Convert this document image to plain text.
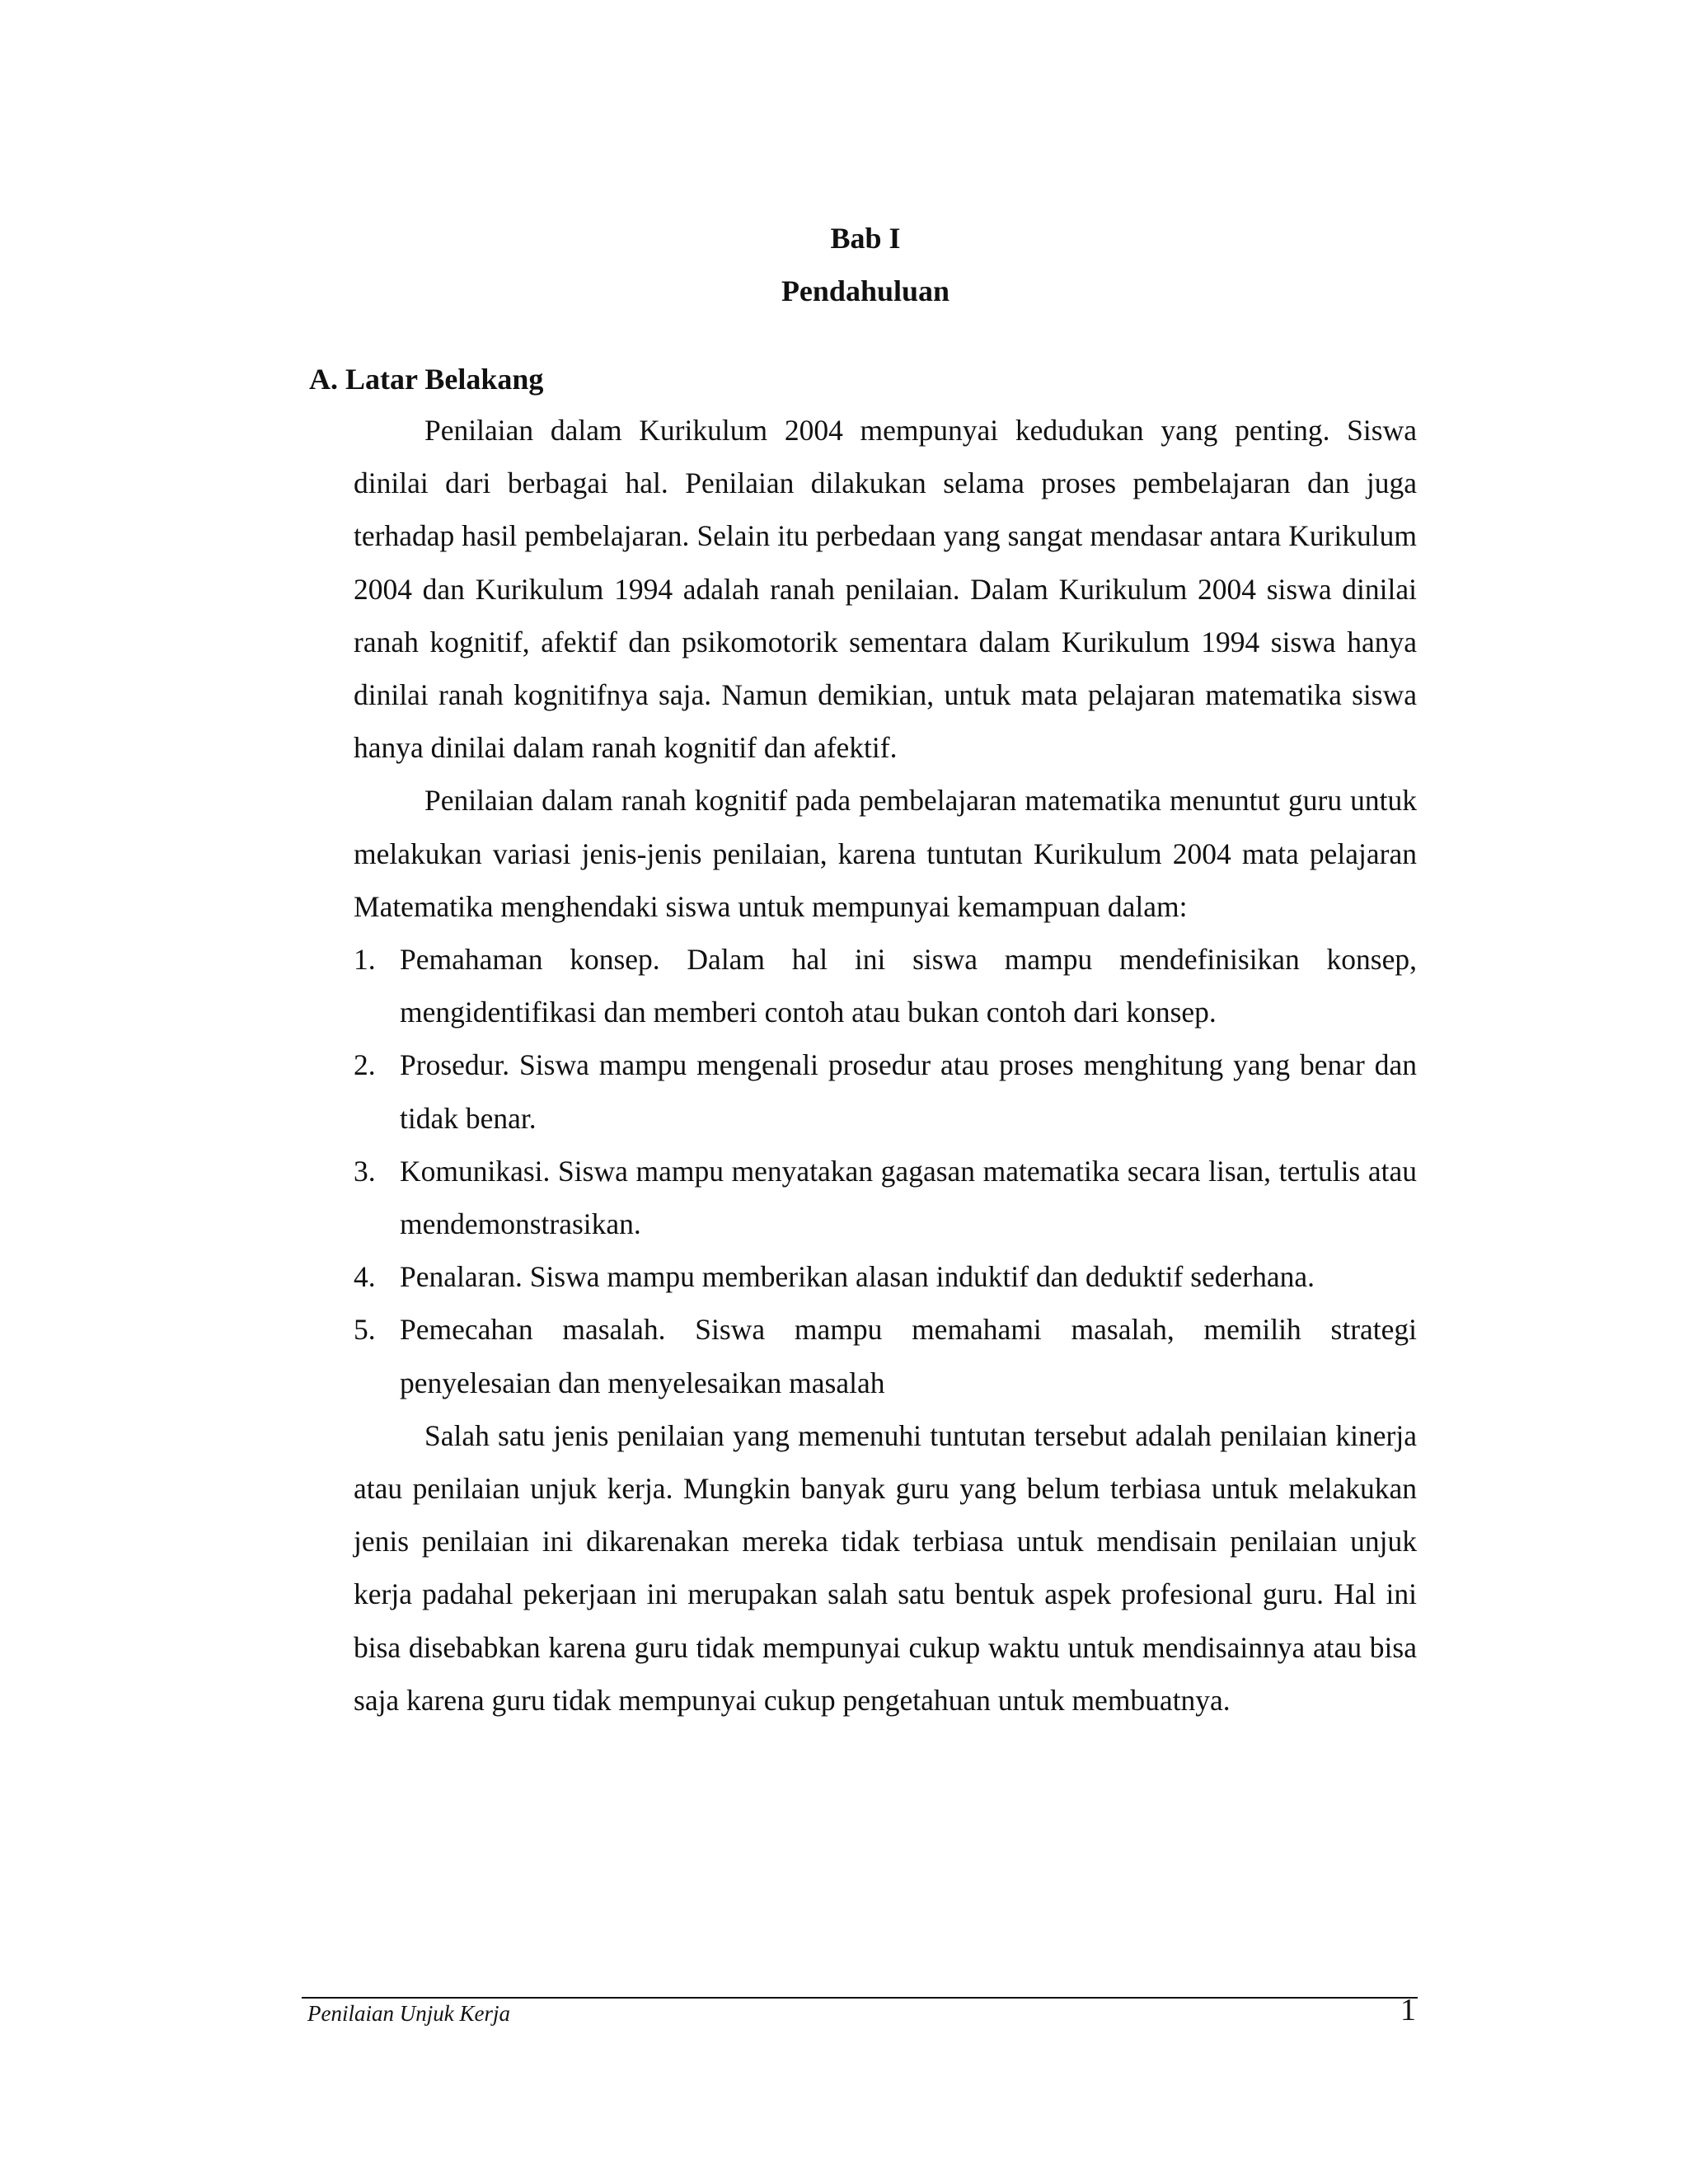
Bab I
Pendahuluan
A. Latar Belakang

Penilaian dalam Kurikulum 2004 mempunyai kedudukan yang penting. Siswa dinilai dari berbagai hal. Penilaian dilakukan selama proses pembelajaran dan juga terhadap hasil pembelajaran. Selain itu perbedaan yang sangat mendasar antara Kurikulum 2004 dan Kurikulum 1994 adalah ranah penilaian. Dalam Kurikulum 2004 siswa dinilai ranah kognitif, afektif dan psikomotorik sementara dalam Kurikulum 1994 siswa hanya dinilai ranah kognitifnya saja. Namun demikian, untuk mata pelajaran matematika siswa hanya dinilai dalam ranah kognitif dan afektif.

Penilaian dalam ranah kognitif pada pembelajaran matematika menuntut guru untuk melakukan variasi jenis-jenis penilaian, karena tuntutan Kurikulum 2004 mata pelajaran Matematika menghendaki siswa untuk mempunyai kemampuan dalam:

1. Pemahaman konsep. Dalam hal ini siswa mampu mendefinisikan konsep, mengidentifikasi dan memberi contoh atau bukan contoh dari konsep.
2. Prosedur. Siswa mampu mengenali prosedur atau proses menghitung yang benar dan tidak benar.
3. Komunikasi. Siswa mampu menyatakan gagasan matematika secara lisan, tertulis atau mendemonstrasikan.
4. Penalaran. Siswa mampu memberikan alasan induktif dan deduktif sederhana.
5. Pemecahan masalah. Siswa mampu memahami masalah, memilih strategi penyelesaian dan menyelesaikan masalah

Salah satu jenis penilaian yang memenuhi tuntutan tersebut adalah penilaian kinerja atau penilaian unjuk kerja. Mungkin banyak guru yang belum terbiasa untuk melakukan jenis penilaian ini dikarenakan mereka tidak terbiasa untuk mendisain penilaian unjuk kerja padahal pekerjaan ini merupakan salah satu bentuk aspek profesional guru. Hal ini bisa disebabkan karena guru tidak mempunyai cukup waktu untuk mendisainnya atau bisa saja karena guru tidak mempunyai cukup pengetahuan untuk membuatnya.

Penilaian Unjuk Kerja	1
